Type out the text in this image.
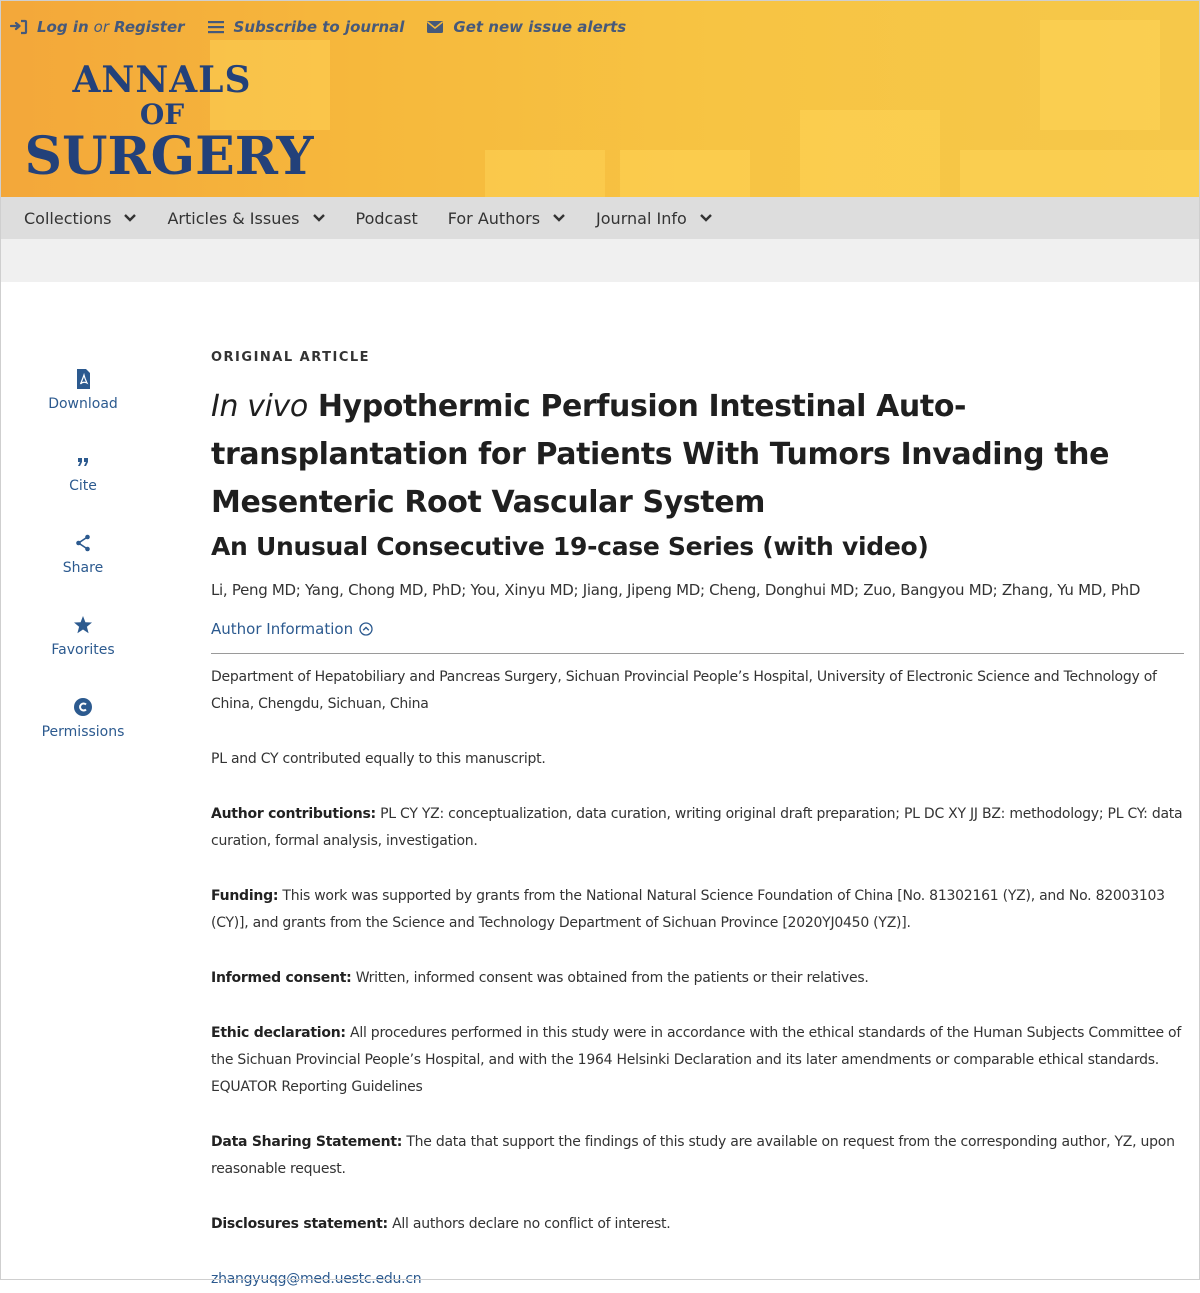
Log in or Register	Subscribe to journal	Get new issue alerts
ANNALS
OF
SURGERY
Collections	Articles & Issues	Podcast For Authors	Journal Info
Download
Cite
Share
Favorites
Permissions
ORIGINAL ARTICLE
In vivo Hypothermic Perfusion Intestinal Auto-transplantation for Patients With Tumors Invading the Mesenteric Root Vascular System
An Unusual Consecutive 19-case Series (with video)
Li, Peng MD; Yang, Chong MD, PhD; You, Xinyu MD; Jiang, Jipeng MD; Cheng, Donghui MD; Zuo, Bangyou MD; Zhang, Yu MD, PhD
Author Information

Department of Hepatobiliary and Pancreas Surgery, Sichuan Provincial People’s Hospital, University of Electronic Science and Technology of China, Chengdu, Sichuan, China

PL and CY contributed equally to this manuscript.

Author contributions: PL CY YZ: conceptualization, data curation, writing original draft preparation; PL DC XY JJ BZ: methodology; PL CY: data curation, formal analysis, investigation.

Funding: This work was supported by grants from the National Natural Science Foundation of China [No. 81302161 (YZ), and No. 82003103 (CY)], and grants from the Science and Technology Department of Sichuan Province [2020YJ0450 (YZ)].

Informed consent: Written, informed consent was obtained from the patients or their relatives.

Ethic declaration: All procedures performed in this study were in accordance with the ethical standards of the Human Subjects Committee of the Sichuan Provincial People’s Hospital, and with the 1964 Helsinki Declaration and its later amendments or comparable ethical standards. EQUATOR Reporting Guidelines

Data Sharing Statement: The data that support the findings of this study are available on request from the corresponding author, YZ, upon reasonable request.

Disclosures statement: All authors declare no conflict of interest.

zhangyuqg@med.uestc.edu.cn
